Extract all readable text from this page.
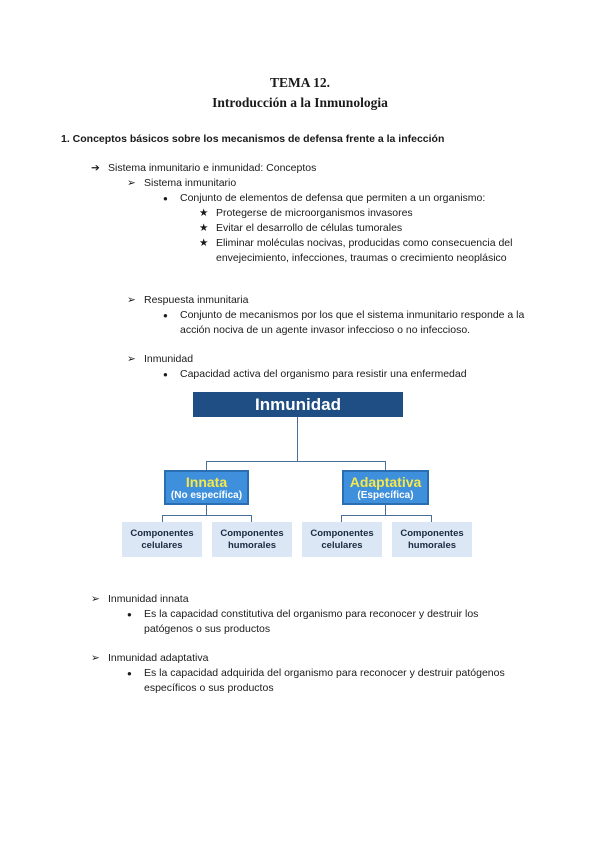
TEMA 12.
Introducción a la Inmunologia
1. Conceptos básicos sobre los mecanismos de defensa frente a la infección
➔ Sistema inmunitario e inmunidad: Conceptos
➢ Sistema inmunitario
● Conjunto de elementos de defensa que permiten a un organismo:
★ Protegerse de microorganismos invasores
★ Evitar el desarrollo de células tumorales
★ Eliminar moléculas nocivas, producidas como consecuencia del envejecimiento, infecciones, traumas o crecimiento neoplásico
➢ Respuesta inmunitaria
● Conjunto de mecanismos por los que el sistema inmunitario responde a la acción nociva de un agente invasor infeccioso o no infeccioso.
➢ Inmunidad
● Capacidad activa del organismo para resistir una enfermedad
Inmunidad
Innata
(No específica)
Adaptativa
(Específica)
Componentes celulares
Componentes humorales
Componentes celulares
Componentes humorales
➢ Inmunidad innata
● Es la capacidad constitutiva del organismo para reconocer y destruir los patógenos o sus productos
➢ Inmunidad adaptativa
● Es la capacidad adquirida del organismo para reconocer y destruir patógenos específicos o sus productos
